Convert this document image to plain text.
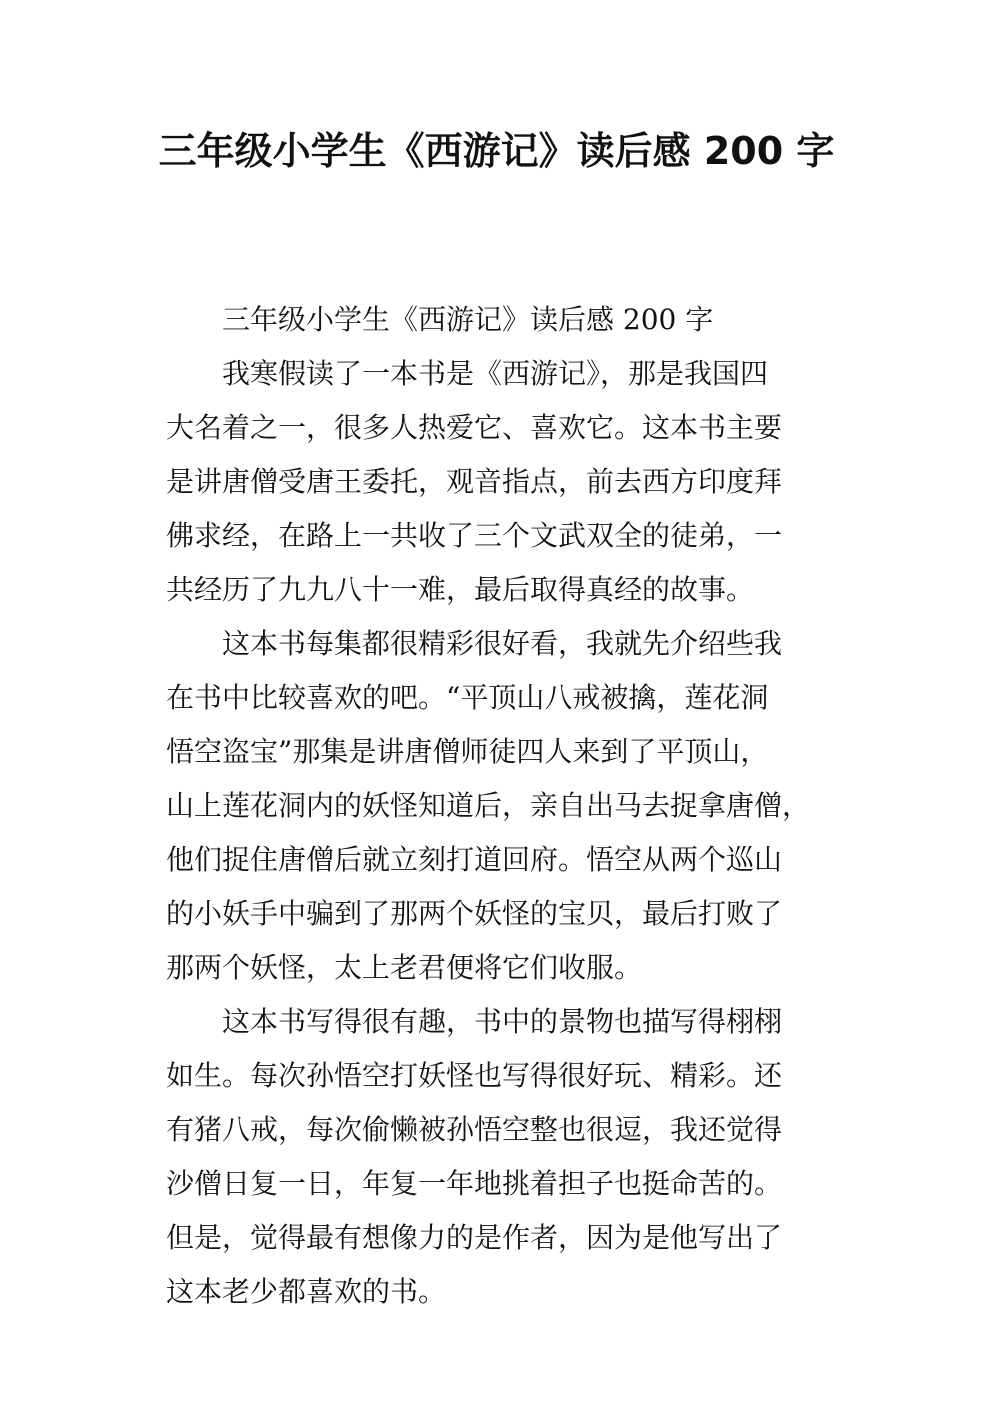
三年级小学生《西游记》读后感 200 字

三年级小学生《西游记》读后感 200 字

我寒假读了一本书是《西游记》，那是我国四
大名着之一，很多人热爱它、喜欢它。这本书主要
是讲唐僧受唐王委托，观音指点，前去西方印度拜
佛求经，在路上一共收了三个文武双全的徒弟，一
共经历了九九八十一难，最后取得真经的故事。

这本书每集都很精彩很好看，我就先介绍些我
在书中比较喜欢的吧。“平顶山八戒被擒，莲花洞
悟空盗宝”那集是讲唐僧师徒四人来到了平顶山，
山上莲花洞内的妖怪知道后，亲自出马去捉拿唐僧，
他们捉住唐僧后就立刻打道回府。悟空从两个巡山
的小妖手中骗到了那两个妖怪的宝贝，最后打败了
那两个妖怪，太上老君便将它们收服。

这本书写得很有趣，书中的景物也描写得栩栩
如生。每次孙悟空打妖怪也写得很好玩、精彩。还
有猪八戒，每次偷懒被孙悟空整也很逗，我还觉得
沙僧日复一日，年复一年地挑着担子也挺命苦的。
但是，觉得最有想像力的是作者，因为是他写出了
这本老少都喜欢的书。
